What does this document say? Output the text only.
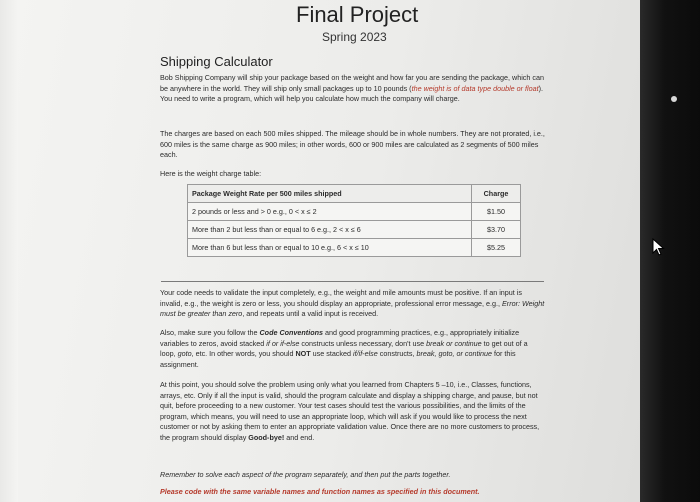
Final Project
Spring 2023
Shipping Calculator

Bob Shipping Company will ship your package based on the weight and how far you are sending the package, which can be anywhere in the world. They will ship only small packages up to 10 pounds (the weight is of data type double or float). You need to write a program, which will help you calculate how much the company will charge.

The charges are based on each 500 miles shipped. The mileage should be in whole numbers. They are not prorated, i.e., 600 miles is the same charge as 900 miles; in other words, 600 or 900 miles are calculated as 2 segments of 500 miles each.

Here is the weight charge table:

Package Weight Rate per 500 miles shipped	Charge
2 pounds or less and > 0 e.g., 0 < x ≤ 2	$1.50
More than 2 but less than or equal to 6 e.g., 2 < x ≤ 6	$3.70
More than 6 but less than or equal to 10 e.g., 6 < x ≤ 10	$5.25

Your code needs to validate the input completely, e.g., the weight and mile amounts must be positive. If an input is invalid, e.g., the weight is zero or less, you should display an appropriate, professional error message, e.g., Error: Weight must be greater than zero, and repeats until a valid input is received.

Also, make sure you follow the Code Conventions and good programming practices, e.g., appropriately initialize variables to zeros, avoid stacked if or if-else constructs unless necessary, don't use break or continue to get out of a loop, goto, etc. In other words, you should NOT use stacked if/if-else constructs, break, goto, or continue for this assignment.

At this point, you should solve the problem using only what you learned from Chapters 5 –10, i.e., Classes, functions, arrays, etc. Only if all the input is valid, should the program calculate and display a shipping charge, and pause, but not quit, before proceeding to a new customer. Your test cases should test the various possibilities, and the limits of the program, which means, you will need to use an appropriate loop, which will ask if you would like to process the next customer or not by asking them to enter an appropriate validation value. Once there are no more customers to process, the program should display Good-bye! and end.

Remember to solve each aspect of the program separately, and then put the parts together.

Please code with the same variable names and function names as specified in this document.
